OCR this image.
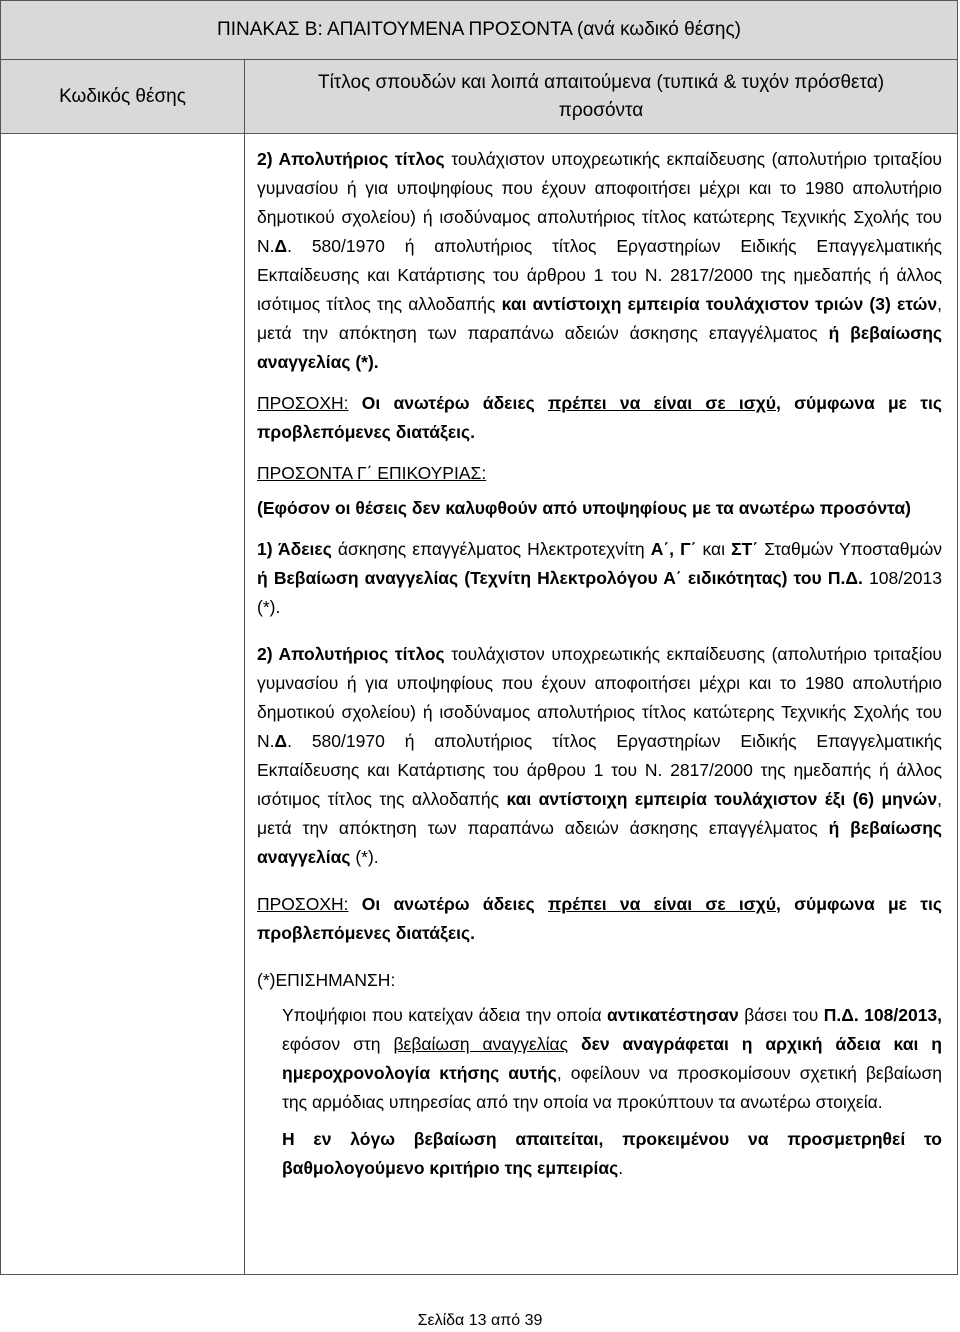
ΠΙΝΑΚΑΣ Β: ΑΠΑΙΤΟΥΜΕΝΑ ΠΡΟΣΟΝΤΑ (ανά κωδικό θέσης)
Κωδικός θέσης
Τίτλος σπουδών και λοιπά απαιτούμενα (τυπικά & τυχόν πρόσθετα) προσόντα

2) Απολυτήριος τίτλος τουλάχιστον υποχρεωτικής εκπαίδευσης (απολυτήριο τριταξίου γυμνασίου ή για υποψηφίους που έχουν αποφοιτήσει μέχρι και το 1980 απολυτήριο δημοτικού σχολείου) ή ισοδύναμος απολυτήριος τίτλος κατώτερης Τεχνικής Σχολής του Ν.Δ. 580/1970 ή απολυτήριος τίτλος Εργαστηρίων Ειδικής Επαγγελματικής Εκπαίδευσης και Κατάρτισης του άρθρου 1 του Ν. 2817/2000 της ημεδαπής ή άλλος ισότιμος τίτλος της αλλοδαπής και αντίστοιχη εμπειρία τουλάχιστον τριών (3) ετών, μετά την απόκτηση των παραπάνω αδειών άσκησης επαγγέλματος ή βεβαίωσης αναγγελίας (*).

ΠΡΟΣΟΧΗ: Οι ανωτέρω άδειες πρέπει να είναι σε ισχύ, σύμφωνα με τις προβλεπόμενες διατάξεις.

ΠΡΟΣΟΝΤΑ Γ΄ ΕΠΙΚΟΥΡΙΑΣ:

(Εφόσον οι θέσεις δεν καλυφθούν από υποψηφίους με τα ανωτέρω προσόντα)

1) Άδειες άσκησης επαγγέλματος Ηλεκτροτεχνίτη Α΄, Γ΄ και ΣΤ΄ Σταθμών Υποσταθμών ή Βεβαίωση αναγγελίας (Τεχνίτη Ηλεκτρολόγου Α΄ ειδικότητας) του Π.Δ. 108/2013 (*).

2) Απολυτήριος τίτλος τουλάχιστον υποχρεωτικής εκπαίδευσης (απολυτήριο τριταξίου γυμνασίου ή για υποψηφίους που έχουν αποφοιτήσει μέχρι και το 1980 απολυτήριο δημοτικού σχολείου) ή ισοδύναμος απολυτήριος τίτλος κατώτερης Τεχνικής Σχολής του Ν.Δ. 580/1970 ή απολυτήριος τίτλος Εργαστηρίων Ειδικής Επαγγελματικής Εκπαίδευσης και Κατάρτισης του άρθρου 1 του Ν. 2817/2000 της ημεδαπής ή άλλος ισότιμος τίτλος της αλλοδαπής και αντίστοιχη εμπειρία τουλάχιστον έξι (6) μηνών, μετά την απόκτηση των παραπάνω αδειών άσκησης επαγγέλματος ή βεβαίωσης αναγγελίας (*).

ΠΡΟΣΟΧΗ: Οι ανωτέρω άδειες πρέπει να είναι σε ισχύ, σύμφωνα με τις προβλεπόμενες διατάξεις.

(*)ΕΠΙΣΗΜΑΝΣΗ:

Υποψήφιοι που κατείχαν άδεια την οποία αντικατέστησαν βάσει του Π.Δ. 108/2013, εφόσον στη βεβαίωση αναγγελίας δεν αναγράφεται η αρχική άδεια και η ημεροχρονολογία κτήσης αυτής, οφείλουν να προσκομίσουν σχετική βεβαίωση της αρμόδιας υπηρεσίας από την οποία να προκύπτουν τα ανωτέρω στοιχεία.

Η εν λόγω βεβαίωση απαιτείται, προκειμένου να προσμετρηθεί το βαθμολογούμενο κριτήριο της εμπειρίας.

Σελίδα 13 από 39
